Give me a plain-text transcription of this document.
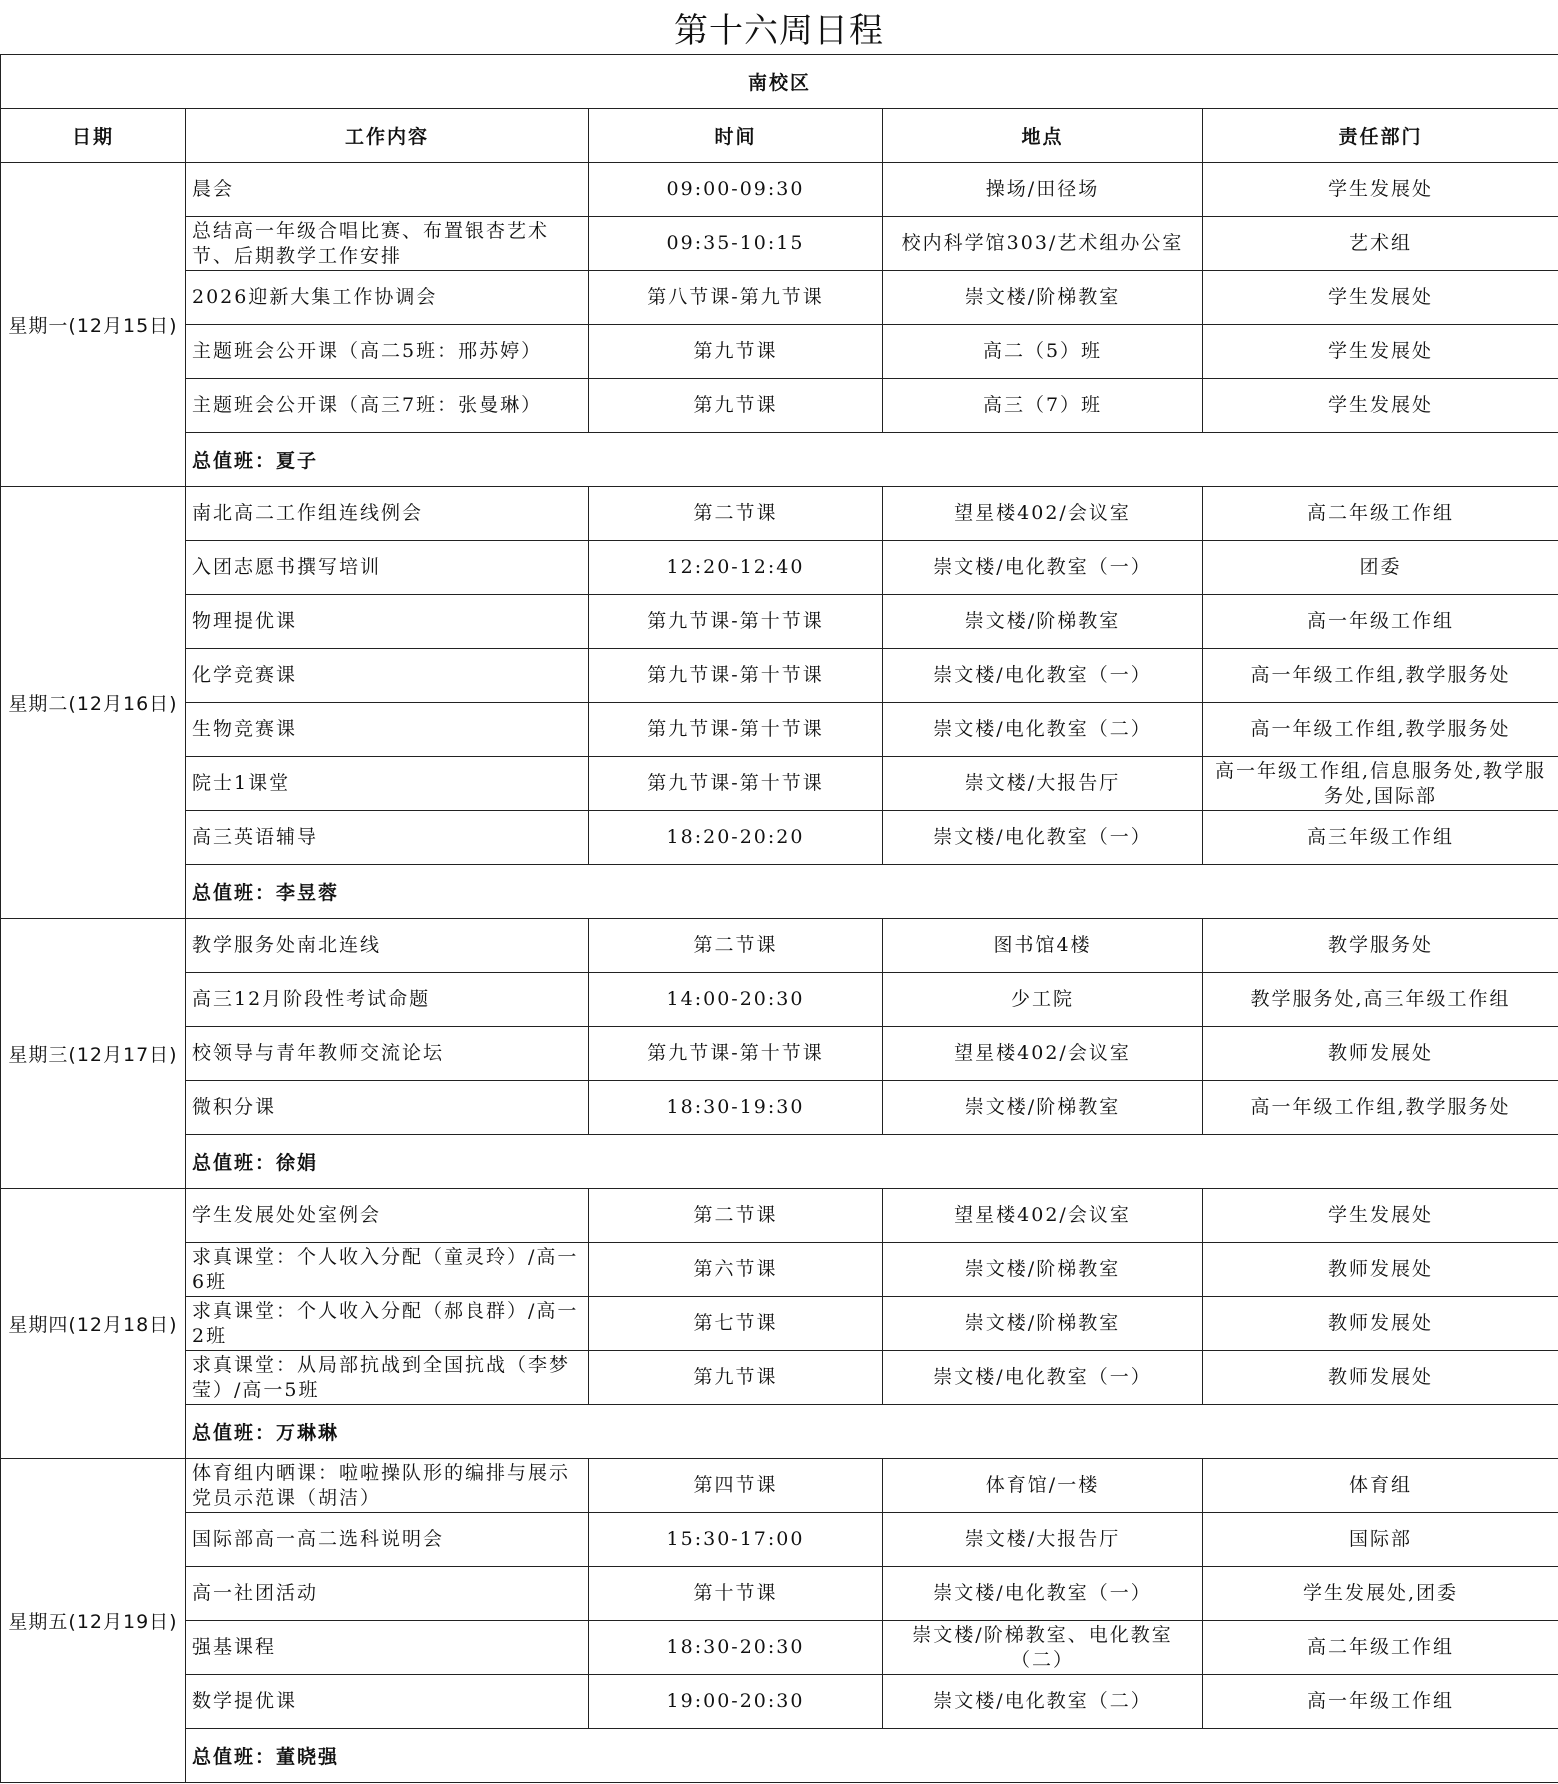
第十六周日程
南校区				
日期	工作内容	时间	地点	责任部门
星期一(12月15日)	晨会	09:00-09:30	操场/田径场	学生发展处
	总结高一年级合唱比赛、布置银杏艺术节、后期教学工作安排	09:35-10:15	校内科学馆303/艺术组办公室	艺术组
	2026迎新大集工作协调会	第八节课-第九节课	崇文楼/阶梯教室	学生发展处
	主题班会公开课（高二5班：邢苏婷）	第九节课	高二（5）班	学生发展处
	主题班会公开课（高三7班：张曼琳）	第九节课	高三（7）班	学生发展处
	总值班：夏子			
星期二(12月16日)	南北高二工作组连线例会	第二节课	望星楼402/会议室	高二年级工作组
	入团志愿书撰写培训	12:20-12:40	崇文楼/电化教室（一）	团委
	物理提优课	第九节课-第十节课	崇文楼/阶梯教室	高一年级工作组
	化学竞赛课	第九节课-第十节课	崇文楼/电化教室（一）	高一年级工作组,教学服务处
	生物竞赛课	第九节课-第十节课	崇文楼/电化教室（二）	高一年级工作组,教学服务处
	院士1课堂	第九节课-第十节课	崇文楼/大报告厅	高一年级工作组,信息服务处,教学服务处,国际部
	高三英语辅导	18:20-20:20	崇文楼/电化教室（一）	高三年级工作组
	总值班：李昱蓉			
星期三(12月17日)	教学服务处南北连线	第二节课	图书馆4楼	教学服务处
	高三12月阶段性考试命题	14:00-20:30	少工院	教学服务处,高三年级工作组
	校领导与青年教师交流论坛	第九节课-第十节课	望星楼402/会议室	教师发展处
	微积分课	18:30-19:30	崇文楼/阶梯教室	高一年级工作组,教学服务处
	总值班：徐娟			
星期四(12月18日)	学生发展处处室例会	第二节课	望星楼402/会议室	学生发展处
	求真课堂：个人收入分配（童灵玲）/高一6班	第六节课	崇文楼/阶梯教室	教师发展处
	求真课堂：个人收入分配（郝良群）/高一2班	第七节课	崇文楼/阶梯教室	教师发展处
	求真课堂：从局部抗战到全国抗战（李梦莹）/高一5班	第九节课	崇文楼/电化教室（一）	教师发展处
	总值班：万琳琳			
星期五(12月19日)	体育组内晒课：啦啦操队形的编排与展示党员示范课（胡洁）	第四节课	体育馆/一楼	体育组
	国际部高一高二选科说明会	15:30-17:00	崇文楼/大报告厅	国际部
	高一社团活动	第十节课	崇文楼/电化教室（一）	学生发展处,团委
	强基课程	18:30-20:30	崇文楼/阶梯教室、电化教室（二）	高二年级工作组
	数学提优课	19:00-20:30	崇文楼/电化教室（二）	高一年级工作组
	总值班：董晓强			
